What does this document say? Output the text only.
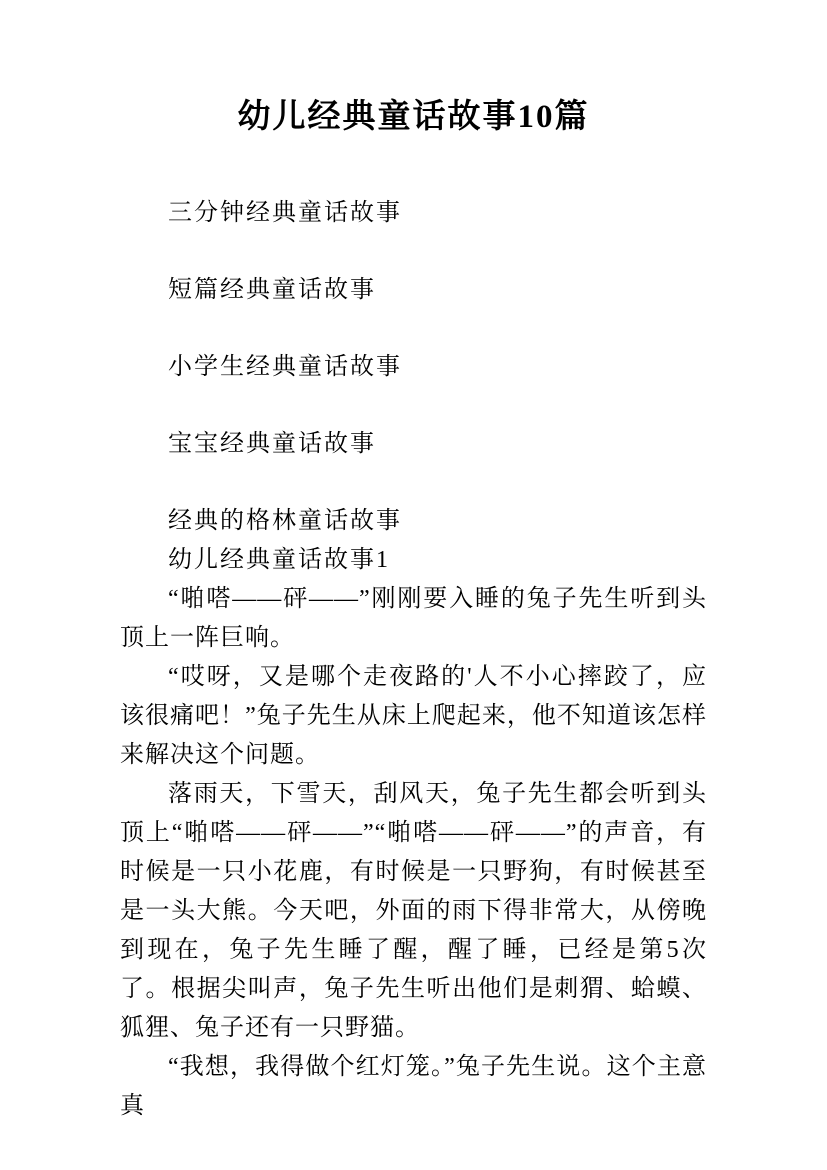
幼儿经典童话故事10篇

三分钟经典童话故事

短篇经典童话故事

小学生经典童话故事

宝宝经典童话故事

经典的格林童话故事

幼儿经典童话故事1

“啪嗒——砰——”刚刚要入睡的兔子先生听到头顶上一阵巨响。

“哎呀，又是哪个走夜路的'人不小心摔跤了，应该很痛吧！”兔子先生从床上爬起来，他不知道该怎样来解决这个问题。

落雨天，下雪天，刮风天，兔子先生都会听到头顶上“啪嗒——砰——”“啪嗒——砰——”的声音，有时候是一只小花鹿，有时候是一只野狗，有时候甚至是一头大熊。今天吧，外面的雨下得非常大，从傍晚到现在，兔子先生睡了醒，醒了睡，已经是第5次了。根据尖叫声，兔子先生听出他们是刺猬、蛤蟆、狐狸、兔子还有一只野猫。

“我想，我得做个红灯笼。”兔子先生说。这个主意真
